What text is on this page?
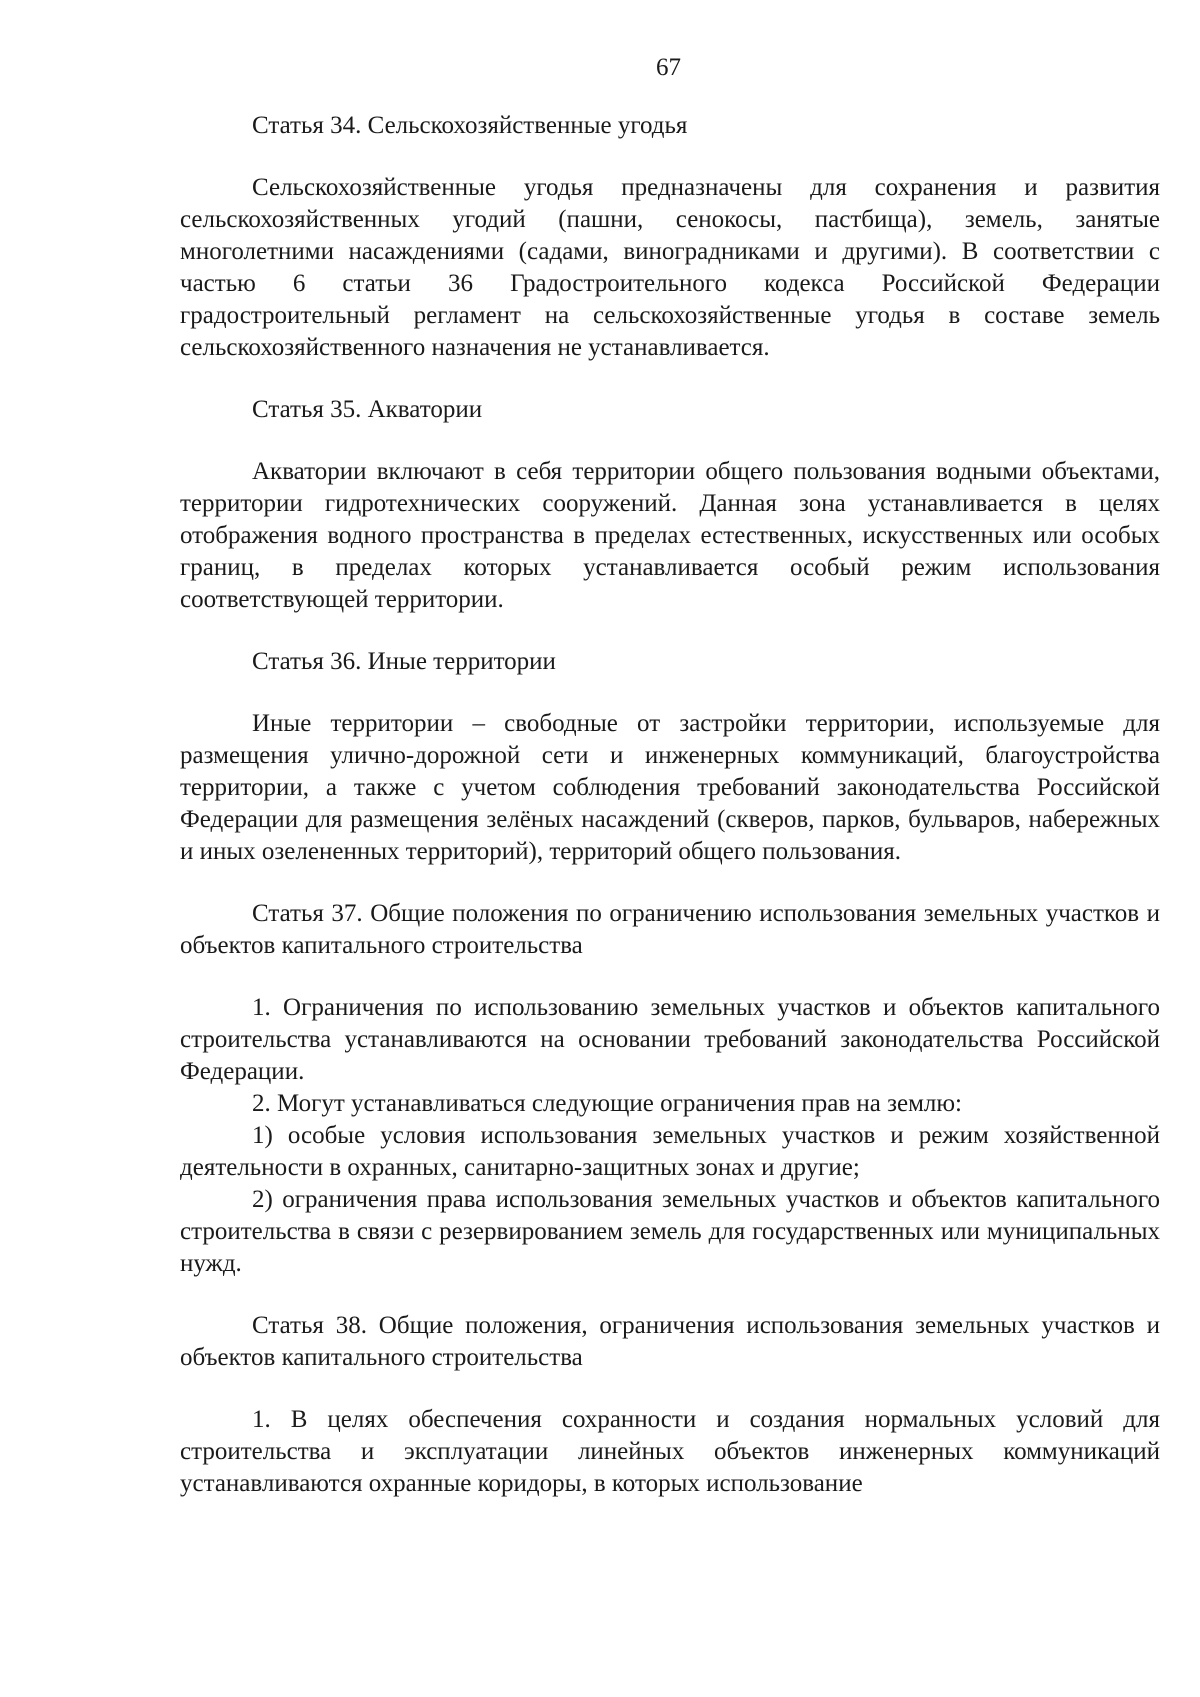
67

Статья 34. Сельскохозяйственные угодья

Сельскохозяйственные угодья предназначены для сохранения и развития сельскохозяйственных угодий (пашни, сенокосы, пастбища), земель, занятые многолетними насаждениями (садами, виноградниками и другими). В соответствии с частью 6 статьи 36 Градостроительного кодекса Российской Федерации градостроительный регламент на сельскохозяйственные угодья в составе земель сельскохозяйственного назначения не устанавливается.

Статья 35. Акватории

Акватории включают в себя территории общего пользования водными объектами, территории гидротехнических сооружений. Данная зона устанавливается в целях отображения водного пространства в пределах естественных, искусственных или особых границ, в пределах которых устанавливается особый режим использования соответствующей территории.

Статья 36. Иные территории

Иные территории – свободные от застройки территории, используемые для размещения улично-дорожной сети и инженерных коммуникаций, благоустройства территории, а также с учетом соблюдения требований законодательства Российской Федерации для размещения зелёных насаждений (скверов, парков, бульваров, набережных и иных озелененных территорий), территорий общего пользования.

Статья 37. Общие положения по ограничению использования земельных участков и объектов капитального строительства

1. Ограничения по использованию земельных участков и объектов капитального строительства устанавливаются на основании требований законодательства Российской Федерации.

2. Могут устанавливаться следующие ограничения прав на землю:

1) особые условия использования земельных участков и режим хозяйственной деятельности в охранных, санитарно-защитных зонах и другие;

2) ограничения права использования земельных участков и объектов капитального строительства в связи с резервированием земель для государственных или муниципальных нужд.

Статья 38. Общие положения, ограничения использования земельных участков и объектов капитального строительства

1. В целях обеспечения сохранности и создания нормальных условий для строительства и эксплуатации линейных объектов инженерных коммуникаций устанавливаются охранные коридоры, в которых использование
